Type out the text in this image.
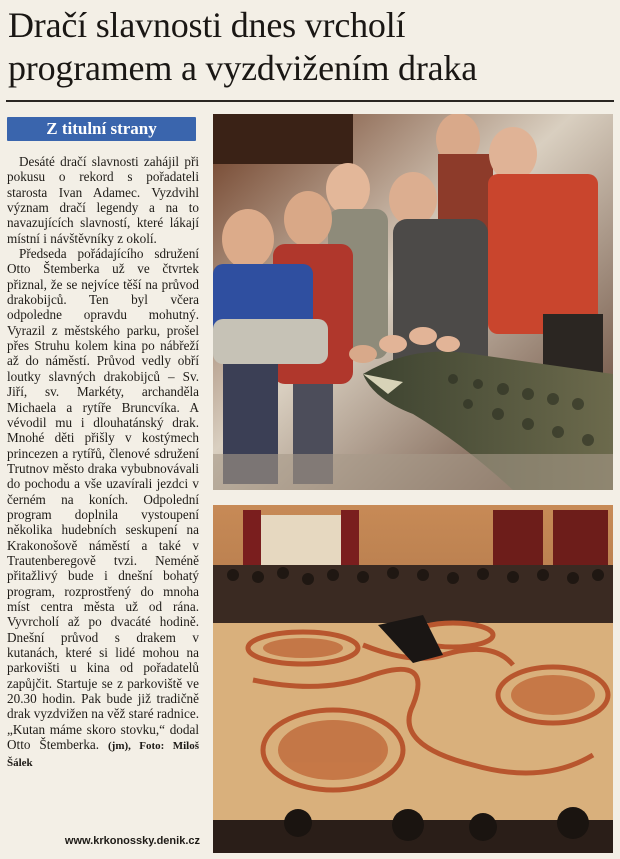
Dračí slavnosti dnes vrcholí
programem a vyzdvižením draka
Z titulní strany

Desáté dračí slavnosti zahájil při pokusu o rekord s pořadateli starosta Ivan Adamec. Vyzdvihl význam dračí legendy a na to navazujících slavností, které lákají místní i návštěvníky z okolí.

Předseda pořádajícího sdružení Otto Štemberka už ve čtvrtek přiznal, že se nejvíce těší na průvod drakobijců. Ten byl včera odpoledne opravdu mohutný. Vyrazil z městského parku, prošel přes Struhu kolem kina po nábřeží až do náměstí. Průvod vedly obří loutky slavných drakobijců – Sv. Jiří, sv. Markéty, archanděla Michaela a rytíře Bruncvíka. A vévodil mu i dlouhatánský drak. Mnohé děti přišly v kostýmech princezen a rytířů, členové sdružení Trutnov město draka vybubnovávali do pochodu a vše uzavírali jezdci v černém na koních. Odpolední program doplnila vystoupení několika hudebních seskupení na Krakonošově náměstí a také v Trautenberegově tvzi. Neméně přitažlivý bude i dnešní bohatý program, rozprostřený do mnoha míst centra města už od rána. Vyvrcholí až po dvacáté hodině. Dnešní průvod s drakem v kutanách, které si lidé mohou na parkovišti u kina od pořadatelů zapůjčit. Startuje se z parkoviště ve 20.30 hodin. Pak bude již tradičně drak vyzdvižen na věž staré radnice. „Kutan máme skoro stovku,“ dodal Otto Štemberka. (jm), Foto: Miloš Šálek

www.krkonossky.denik.cz
